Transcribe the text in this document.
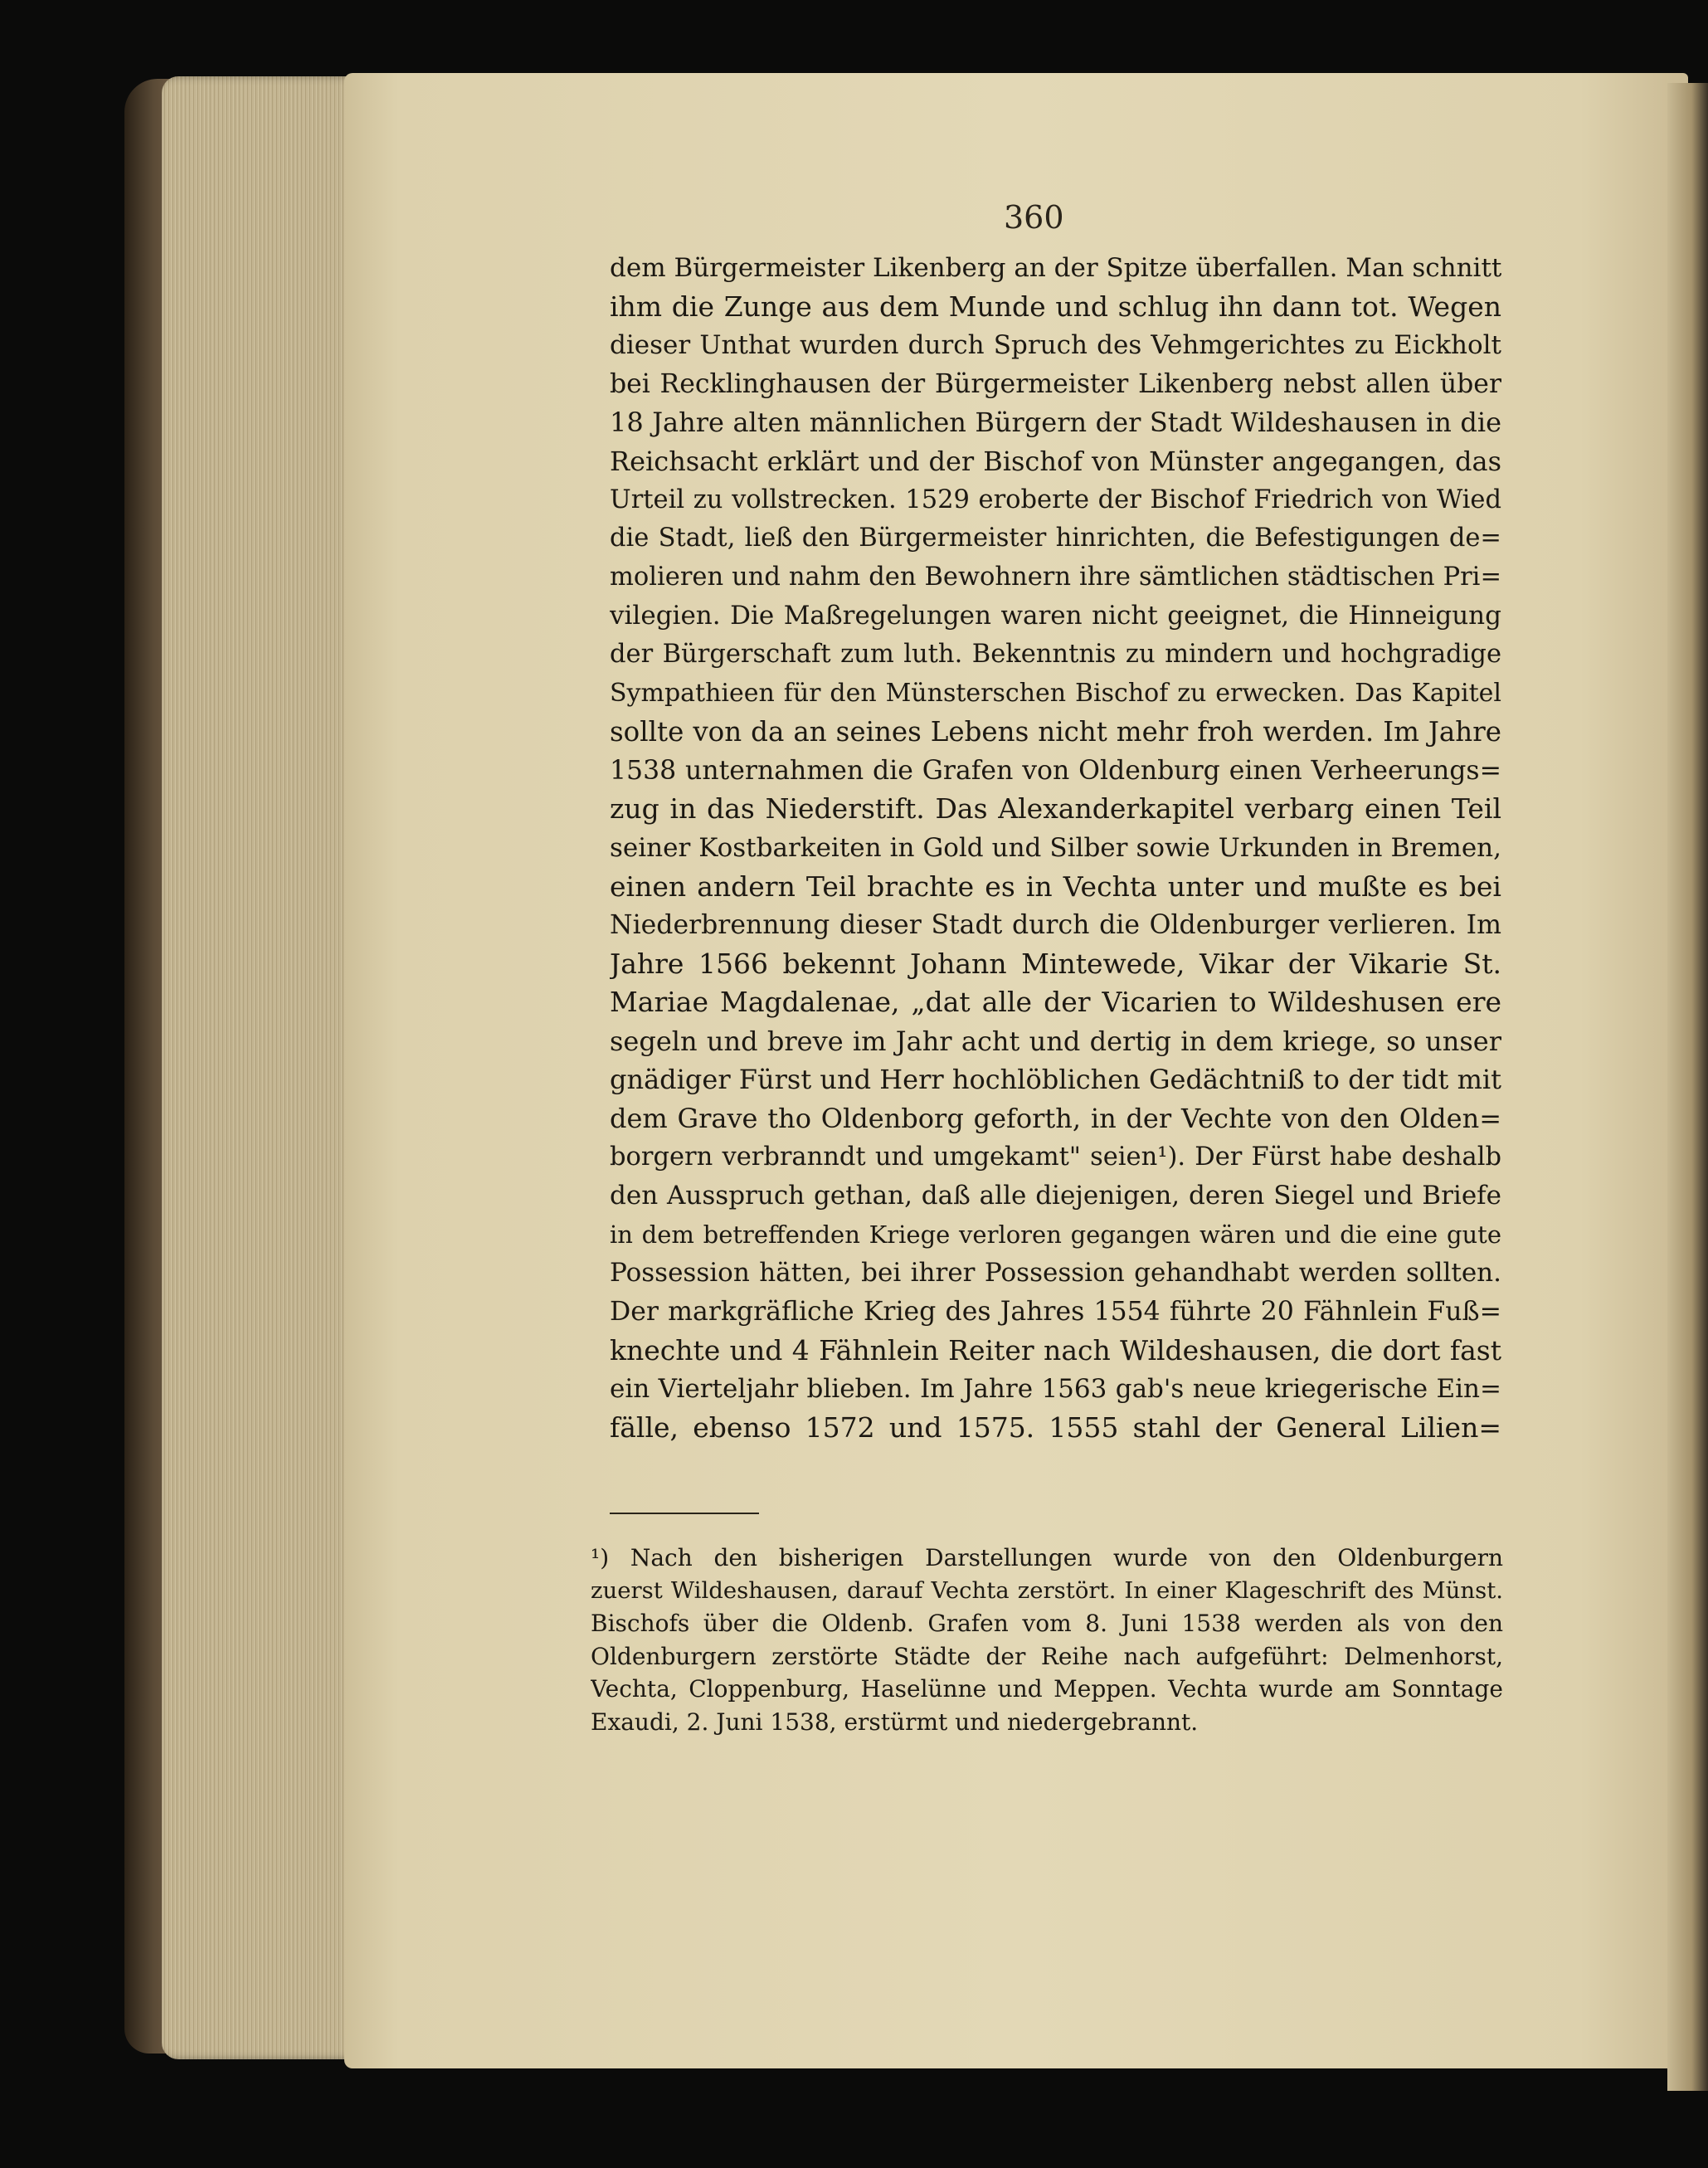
360
dem Bürgermeister Likenberg an der Spitze überfallen. Man schnitt
ihm die Zunge aus dem Munde und schlug ihn dann tot. Wegen
dieser Unthat wurden durch Spruch des Vehmgerichtes zu Eickholt
bei Recklinghausen der Bürgermeister Likenberg nebst allen über
18 Jahre alten männlichen Bürgern der Stadt Wildeshausen in die
Reichsacht erklärt und der Bischof von Münster angegangen, das
Urteil zu vollstrecken. 1529 eroberte der Bischof Friedrich von Wied
die Stadt, ließ den Bürgermeister hinrichten, die Befestigungen de=
molieren und nahm den Bewohnern ihre sämtlichen städtischen Pri=
vilegien. Die Maßregelungen waren nicht geeignet, die Hinneigung
der Bürgerschaft zum luth. Bekenntnis zu mindern und hochgradige
Sympathieen für den Münsterschen Bischof zu erwecken. Das Kapitel
sollte von da an seines Lebens nicht mehr froh werden. Im Jahre
1538 unternahmen die Grafen von Oldenburg einen Verheerungs=
zug in das Niederstift. Das Alexanderkapitel verbarg einen Teil
seiner Kostbarkeiten in Gold und Silber sowie Urkunden in Bremen,
einen andern Teil brachte es in Vechta unter und mußte es bei
Niederbrennung dieser Stadt durch die Oldenburger verlieren. Im
Jahre 1566 bekennt Johann Mintewede, Vikar der Vikarie St.
Mariae Magdalenae, „dat alle der Vicarien to Wildeshusen ere
segeln und breve im Jahr acht und dertig in dem kriege, so unser
gnädiger Fürst und Herr hochlöblichen Gedächtniß to der tidt mit
dem Grave tho Oldenborg geforth, in der Vechte von den Olden=
borgern verbranndt und umgekamt" seien¹). Der Fürst habe deshalb
den Ausspruch gethan, daß alle diejenigen, deren Siegel und Briefe
in dem betreffenden Kriege verloren gegangen wären und die eine gute
Possession hätten, bei ihrer Possession gehandhabt werden sollten.
Der markgräfliche Krieg des Jahres 1554 führte 20 Fähnlein Fuß=
knechte und 4 Fähnlein Reiter nach Wildeshausen, die dort fast
ein Vierteljahr blieben. Im Jahre 1563 gab's neue kriegerische Ein=
fälle, ebenso 1572 und 1575. 1555 stahl der General Lilien=
¹) Nach den bisherigen Darstellungen wurde von den Oldenburgern
zuerst Wildeshausen, darauf Vechta zerstört. In einer Klageschrift des Münst.
Bischofs über die Oldenb. Grafen vom 8. Juni 1538 werden als von den
Oldenburgern zerstörte Städte der Reihe nach aufgeführt: Delmenhorst,
Vechta, Cloppenburg, Haselünne und Meppen. Vechta wurde am Sonntage
Exaudi, 2. Juni 1538, erstürmt und niedergebrannt.
